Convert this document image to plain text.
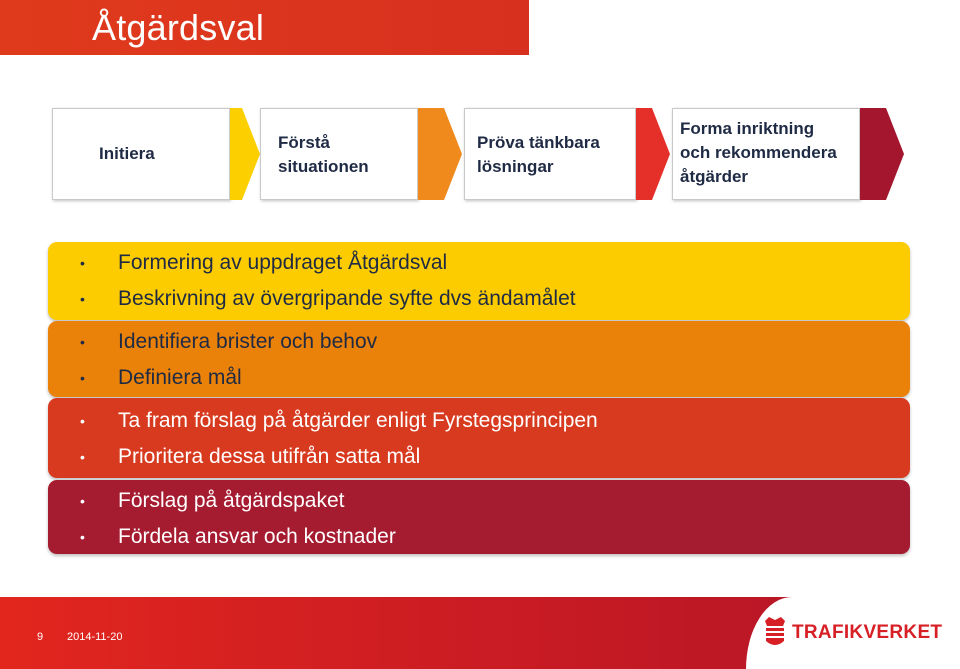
Åtgärdsval
Initiera
Förstå
situationen
Pröva tänkbara
lösningar
Forma inriktning
och rekommendera
åtgärder
• Formering av uppdraget Åtgärdsval
• Beskrivning av övergripande syfte dvs ändamålet
• Identifiera brister och behov
• Definiera mål
• Ta fram förslag på åtgärder enligt Fyrstegsprincipen
• Prioritera dessa utifrån satta mål
• Förslag på åtgärdspaket
• Fördela ansvar och kostnader
9 2014-11-20	TRAFIKVERKET
